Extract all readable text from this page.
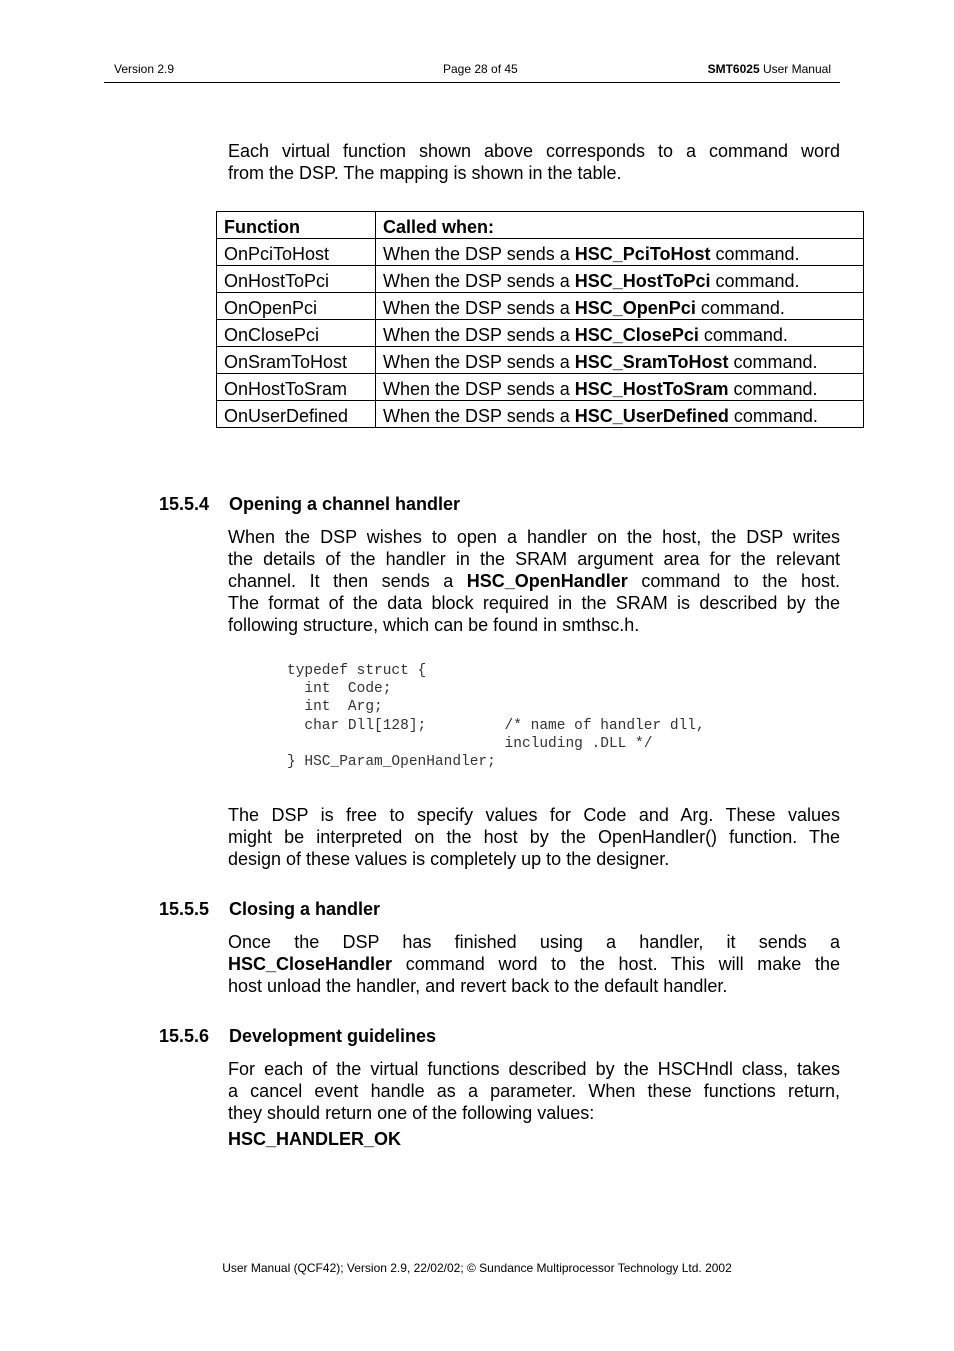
Version 2.9	Page 28 of 45	SMT6025 User Manual
Each virtual function shown above corresponds to a command word
from the DSP. The mapping is shown in the table.
Function	Called when:
OnPciToHost	When the DSP sends a HSC_PciToHost command.
OnHostToPci	When the DSP sends a HSC_HostToPci command.
OnOpenPci	When the DSP sends a HSC_OpenPci command.
OnClosePci	When the DSP sends a HSC_ClosePci command.
OnSramToHost	When the DSP sends a HSC_SramToHost command.
OnHostToSram	When the DSP sends a HSC_HostToSram command.
OnUserDefined	When the DSP sends a HSC_UserDefined command.
15.5.4 Opening a channel handler
When the DSP wishes to open a handler on the host, the DSP writes
the details of the handler in the SRAM argument area for the relevant
channel. It then sends a HSC_OpenHandler command to the host.
The format of the data block required in the SRAM is described by the
following structure, which can be found in smthsc.h.
typedef struct {
int  Code;
int  Arg;
char Dll[128];         /* name of handler dll,
including .DLL */
} HSC_Param_OpenHandler;
The DSP is free to specify values for Code and Arg. These values
might be interpreted on the host by the OpenHandler() function. The
design of these values is completely up to the designer.
15.5.5 Closing a handler
Once the DSP has finished using a handler, it sends a
HSC_CloseHandler command word to the host. This will make the
host unload the handler, and revert back to the default handler.
15.5.6 Development guidelines
For each of the virtual functions described by the HSCHndl class, takes
a cancel event handle as a parameter. When these functions return,
they should return one of the following values:
HSC_HANDLER_OK
User Manual (QCF42); Version 2.9, 22/02/02; © Sundance Multiprocessor Technology Ltd. 2002
